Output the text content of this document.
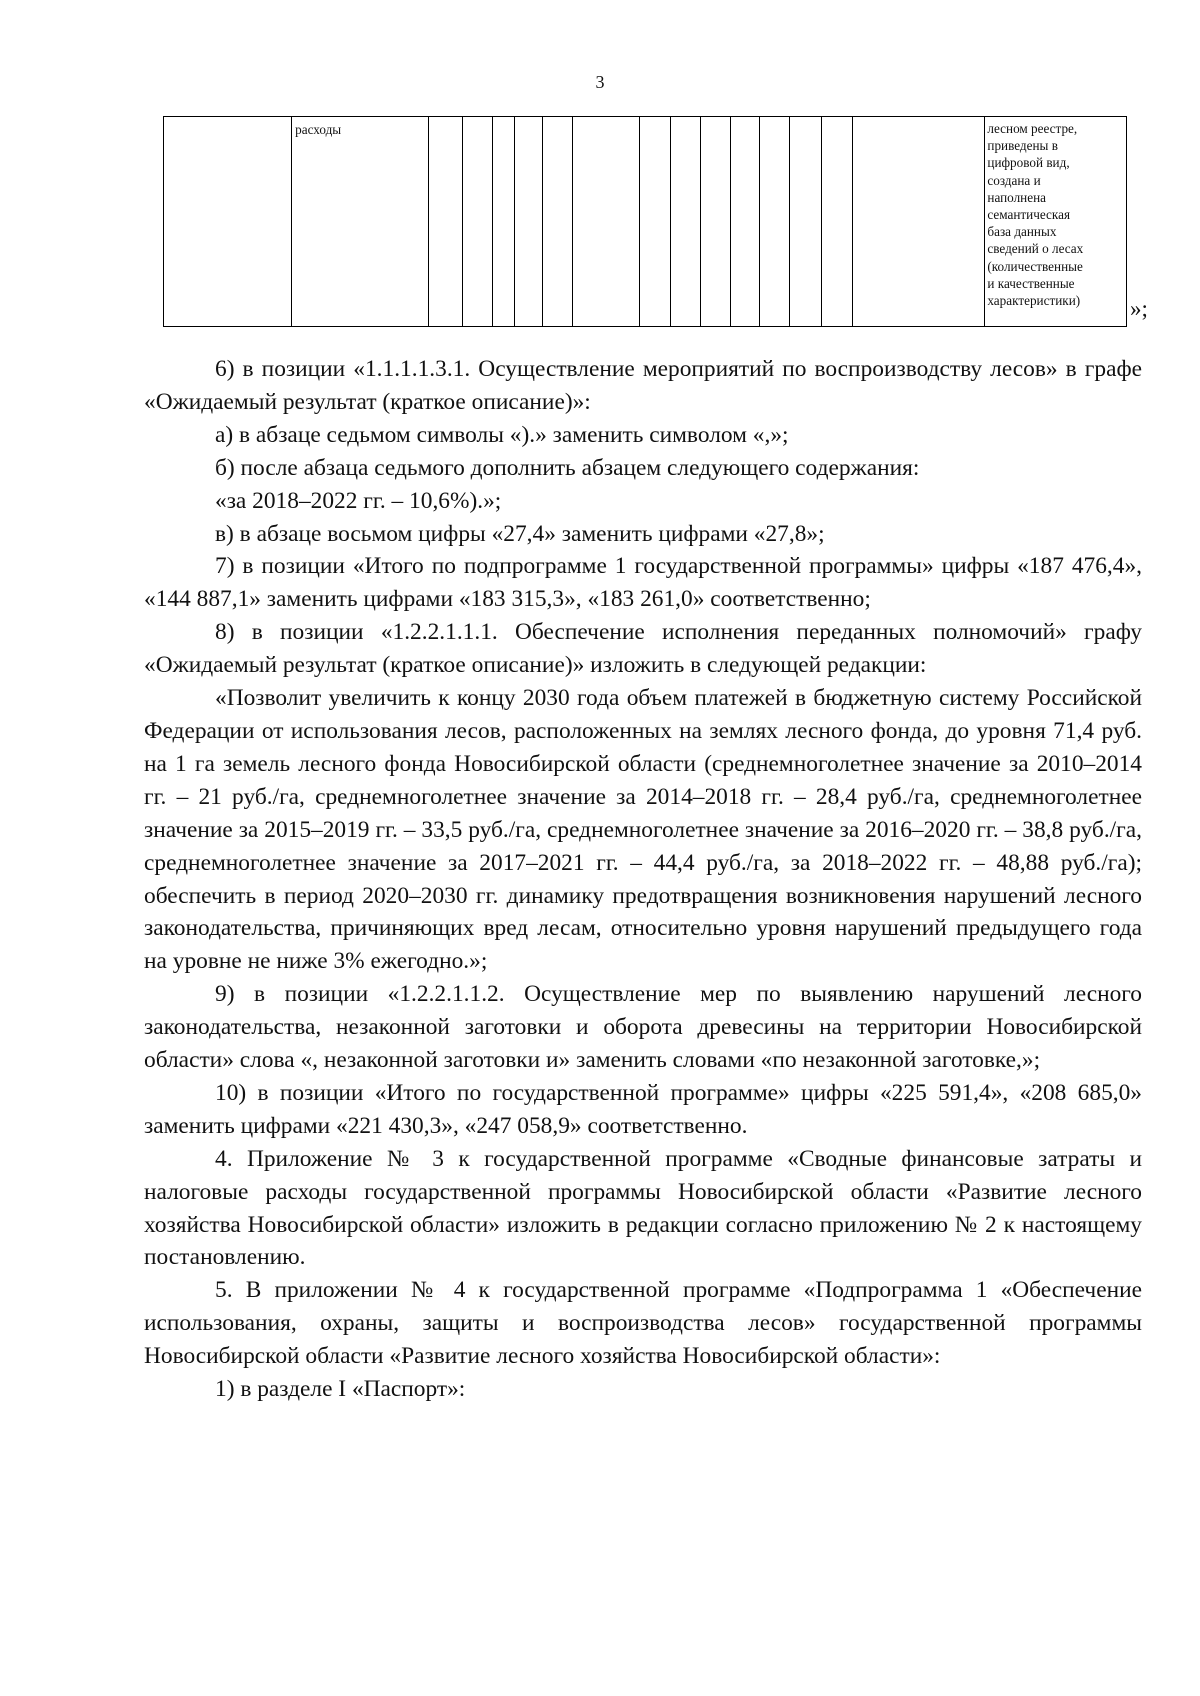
3
	расходы															лесном реестре,
приведены в
цифровой вид,
создана и
наполнена
семантическая
база данных
сведений о лесах
(количественные
и качественные
характеристики)	»;

6) в позиции «1.1.1.1.3.1. Осуществление мероприятий по воспроизводству лесов» в графе «Ожидаемый результат (краткое описание)»:

а) в абзаце седьмом символы «).» заменить символом «,»;

б) после абзаца седьмого дополнить абзацем следующего содержания:

«за 2018–2022 гг. – 10,6%).»;

в) в абзаце восьмом цифры «27,4» заменить цифрами «27,8»;

7) в позиции «Итого по подпрограмме 1 государственной программы» цифры «187 476,4», «144 887,1» заменить цифрами «183 315,3», «183 261,0» соответственно;

8) в позиции «1.2.2.1.1.1. Обеспечение исполнения переданных полномочий» графу «Ожидаемый результат (краткое описание)» изложить в следующей редакции:

«Позволит увеличить к концу 2030 года объем платежей в бюджетную систему Российской Федерации от использования лесов, расположенных на землях лесного фонда, до уровня 71,4 руб. на 1 га земель лесного фонда Новосибирской области (среднемноголетнее значение за 2010–2014 гг. – 21 руб./га, среднемноголетнее значение за 2014–2018 гг. – 28,4 руб./га, среднемноголетнее значение за 2015–2019 гг. – 33,5 руб./га, среднемноголетнее значение за 2016–2020 гг. – 38,8 руб./га, среднемноголетнее значение за 2017–2021 гг. – 44,4 руб./га, за 2018–2022 гг. – 48,88 руб./га); обеспечить в период 2020–2030 гг. динамику предотвращения возникновения нарушений лесного законодательства, причиняющих вред лесам, относительно уровня нарушений предыдущего года на уровне не ниже 3% ежегодно.»;

9) в позиции «1.2.2.1.1.2. Осуществление мер по выявлению нарушений лесного законодательства, незаконной заготовки и оборота древесины на территории Новосибирской области» слова «, незаконной заготовки и» заменить словами «по незаконной заготовке,»;

10) в позиции «Итого по государственной программе» цифры «225 591,4», «208 685,0» заменить цифрами «221 430,3», «247 058,9» соответственно.

4. Приложение № 3 к государственной программе «Сводные финансовые затраты и налоговые расходы государственной программы Новосибирской области «Развитие лесного хозяйства Новосибирской области» изложить в редакции согласно приложению № 2 к настоящему постановлению.

5. В приложении № 4 к государственной программе «Подпрограмма 1 «Обеспечение использования, охраны, защиты и воспроизводства лесов» государственной программы Новосибирской области «Развитие лесного хозяйства Новосибирской области»:

1) в разделе I «Паспорт»:
